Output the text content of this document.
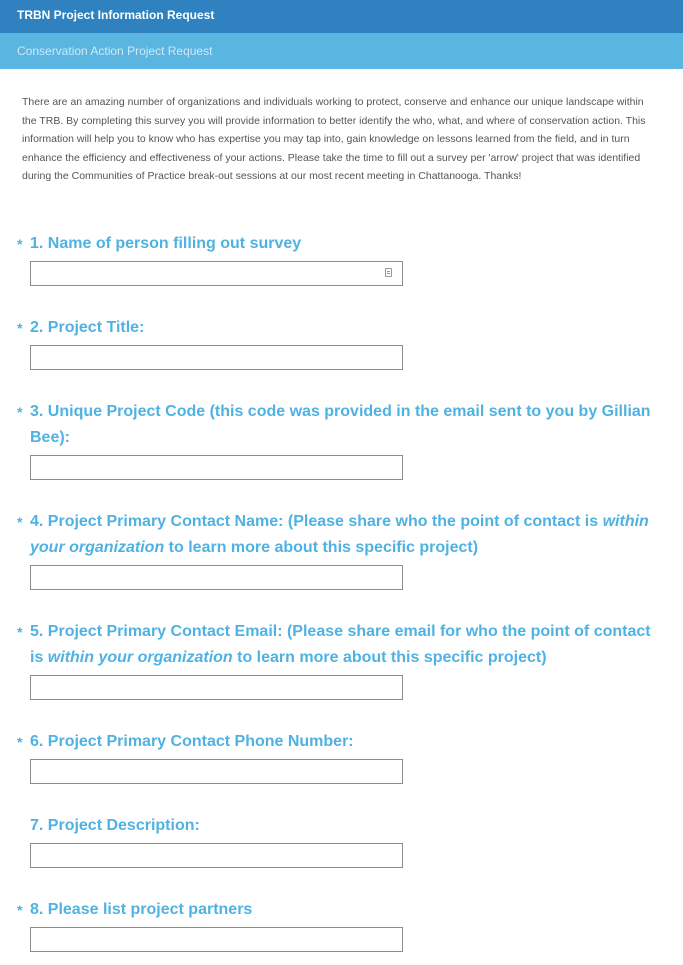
TRBN Project Information Request
Conservation Action Project Request
There are an amazing number of organizations and individuals working to protect, conserve and enhance our unique landscape within the TRB. By completing this survey you will provide information to better identify the who, what, and where of conservation action. This information will help you to know who has expertise you may tap into, gain knowledge on lessons learned from the field, and in turn enhance the efficiency and effectiveness of your actions. Please take the time to fill out a survey per 'arrow' project that was identified during the Communities of Practice break-out sessions at our most recent meeting in Chattanooga. Thanks!
* 1. Name of person filling out survey
* 2. Project Title:
* 3. Unique Project Code (this code was provided in the email sent to you by Gillian Bee):
* 4. Project Primary Contact Name: (Please share who the point of contact is within your organization to learn more about this specific project)
* 5. Project Primary Contact Email: (Please share email for who the point of contact is within your organization to learn more about this specific project)
* 6. Project Primary Contact Phone Number:
7. Project Description:
* 8. Please list project partners
